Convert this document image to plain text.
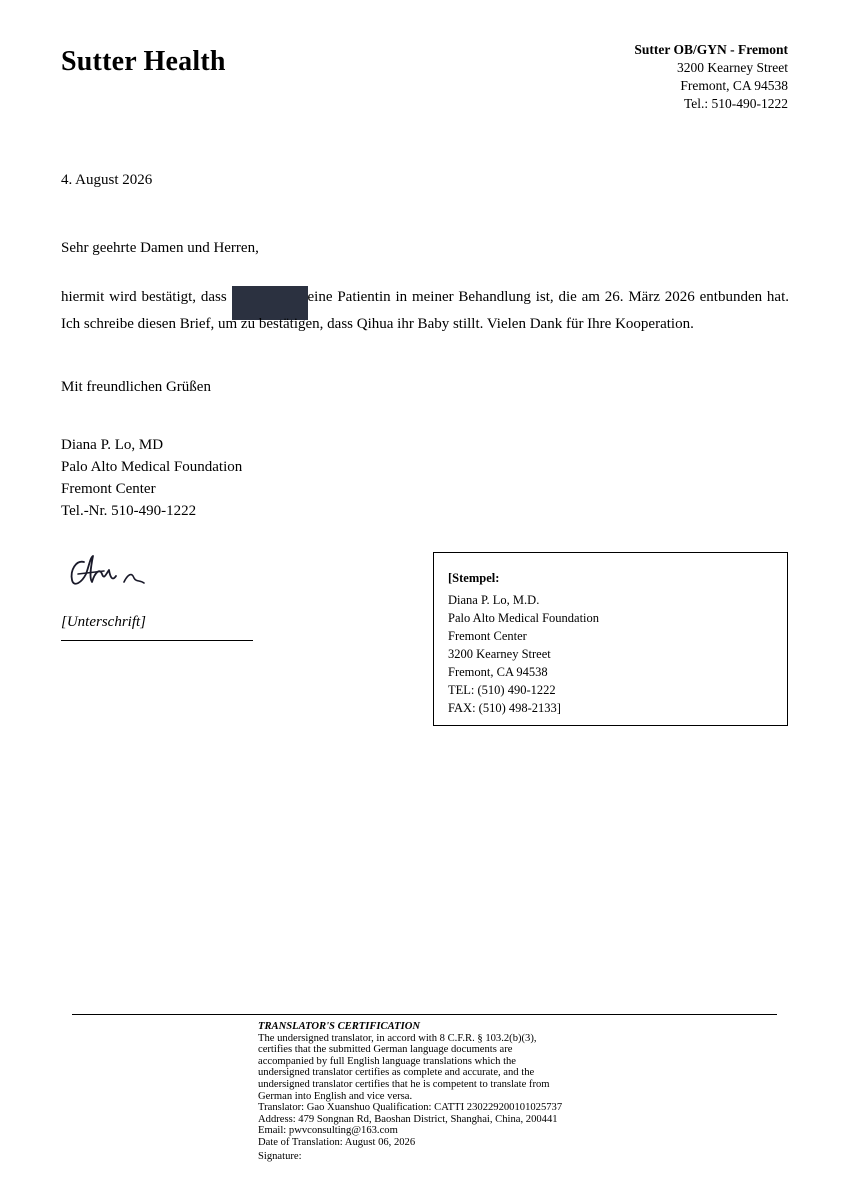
Sutter Health	Sutter OB/GYN - Fremont
3200 Kearney Street
Fremont, CA 94538
Tel.: 510-490-1222
4. August 2026
Sehr geehrte Damen und Herren,
hiermit wird bestätigt, dass	eine Patientin in meiner Behandlung ist, die am 26. März 2026 entbunden hat. Ich schreibe diesen Brief, um zu bestätigen, dass Qihua ihr Baby stillt. Vielen Dank für Ihre Kooperation.
Mit freundlichen Grüßen
Diana P. Lo, MD
Palo Alto Medical Foundation
Fremont Center
Tel.-Nr. 510-490-1222
[Unterschrift]
[Stempel:
Diana P. Lo, M.D.
Palo Alto Medical Foundation
Fremont Center
3200 Kearney Street
Fremont, CA 94538
TEL: (510) 490-1222
FAX: (510) 498-2133]
TRANSLATOR'S CERTIFICATION
The undersigned translator, in accord with 8 C.F.R. § 103.2(b)(3),
certifies that the submitted German language documents are
accompanied by full English language translations which the
undersigned translator certifies as complete and accurate, and the
undersigned translator certifies that he is competent to translate from
German into English and vice versa.
Translator: Gao Xuanshuo Qualification: CATTI 230229200101025737
Address: 479 Songnan Rd, Baoshan District, Shanghai, China, 200441
Email: pwvconsulting@163.com
Date of Translation: August 06, 2026
Signature:
